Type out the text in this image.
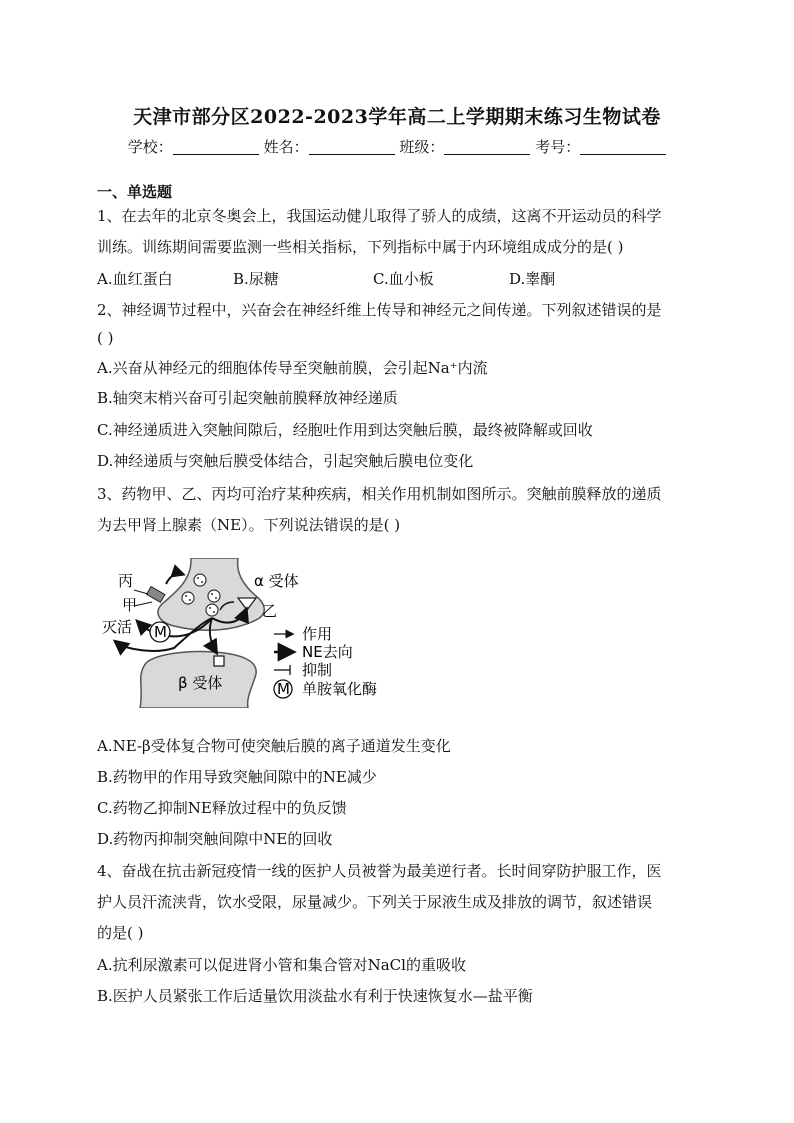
天津市部分区2022-2023学年高二上学期期末练习生物试卷
学校：	姓名：	班级：	考号：
一、单选题
1、在去年的北京冬奥会上，我国运动健儿取得了骄人的成绩，这离不开运动员的科学
训练。训练期间需要监测一些相关指标，下列指标中属于内环境组成成分的是( )
A.血红蛋白	B.尿糖	C.血小板	D.睾酮
2、神经调节过程中，兴奋会在神经纤维上传导和神经元之间传递。下列叙述错误的是
( )
A.兴奋从神经元的细胞体传导至突触前膜，会引起Na⁺内流
B.轴突末梢兴奋可引起突触前膜释放神经递质
C.神经递质进入突触间隙后，经胞吐作用到达突触后膜，最终被降解或回收
D.神经递质与突触后膜受体结合，引起突触后膜电位变化
3、药物甲、乙、丙均可治疗某种疾病，相关作用机制如图所示。突触前膜释放的递质
为去甲肾上腺素（NE）。下列说法错误的是( )
M
丙
甲
灭活
α 受体
乙
β 受体
作用
NE去向
抑制
M 单胺氧化酶
A.NE-β受体复合物可使突触后膜的离子通道发生变化
B.药物甲的作用导致突触间隙中的NE减少
C.药物乙抑制NE释放过程中的负反馈
D.药物丙抑制突触间隙中NE的回收
4、奋战在抗击新冠疫情一线的医护人员被誉为最美逆行者。长时间穿防护服工作，医
护人员汗流浃背，饮水受限，尿量减少。下列关于尿液生成及排放的调节，叙述错误
的是( )
A.抗利尿激素可以促进肾小管和集合管对NaCl的重吸收
B.医护人员紧张工作后适量饮用淡盐水有利于快速恢复水—盐平衡
